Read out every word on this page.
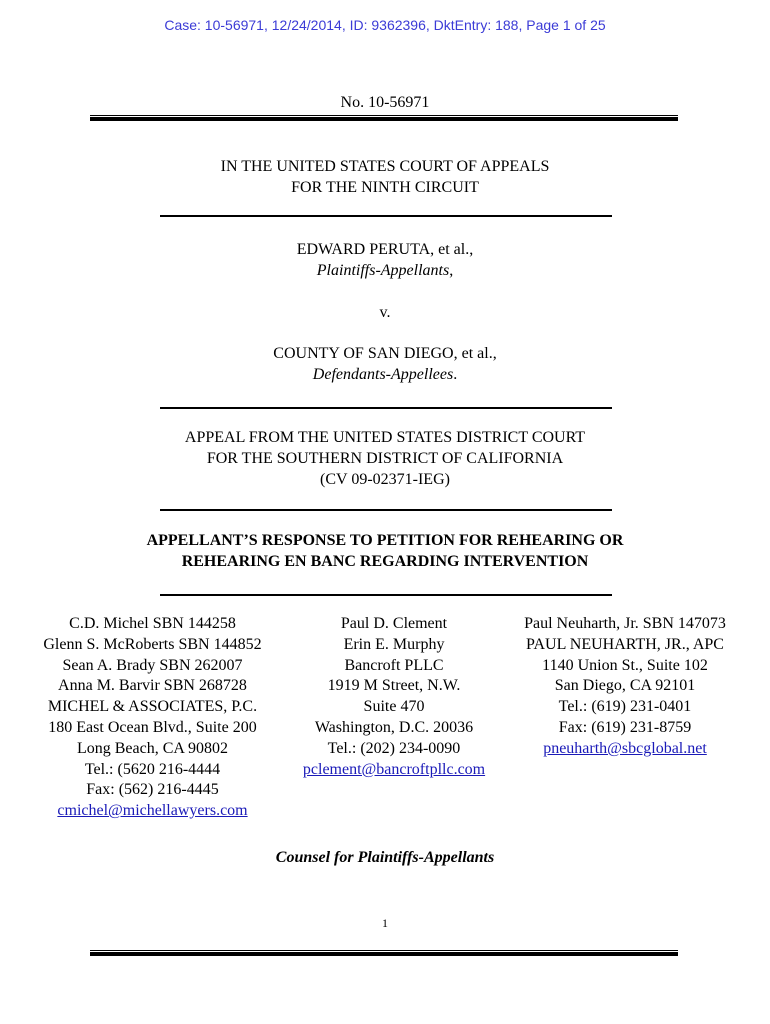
Case: 10-56971, 12/24/2014, ID: 9362396, DktEntry: 188, Page 1 of 25
No. 10-56971
IN THE UNITED STATES COURT OF APPEALS
FOR THE NINTH CIRCUIT
EDWARD PERUTA, et al.,
Plaintiffs-Appellants,
v.
COUNTY OF SAN DIEGO, et al.,
Defendants-Appellees.
APPEAL FROM THE UNITED STATES DISTRICT COURT
FOR THE SOUTHERN DISTRICT OF CALIFORNIA
(CV 09-02371-IEG)
APPELLANT’S RESPONSE TO PETITION FOR REHEARING OR
REHEARING EN BANC REGARDING INTERVENTION
C.D. Michel SBN 144258
Glenn S. McRoberts SBN 144852
Sean A. Brady SBN 262007
Anna M. Barvir SBN 268728
MICHEL & ASSOCIATES, P.C.
180 East Ocean Blvd., Suite 200
Long Beach, CA 90802
Tel.: (5620 216-4444
Fax: (562) 216-4445
cmichel@michellawyers.com
Paul D. Clement
Erin E. Murphy
Bancroft PLLC
1919 M Street, N.W.
Suite 470
Washington, D.C. 20036
Tel.: (202) 234-0090
pclement@bancroftpllc.com
Paul Neuharth, Jr. SBN 147073
PAUL NEUHARTH, JR., APC
1140 Union St., Suite 102
San Diego, CA 92101
Tel.: (619) 231-0401
Fax: (619) 231-8759
pneuharth@sbcglobal.net
Counsel for Plaintiffs-Appellants
1
